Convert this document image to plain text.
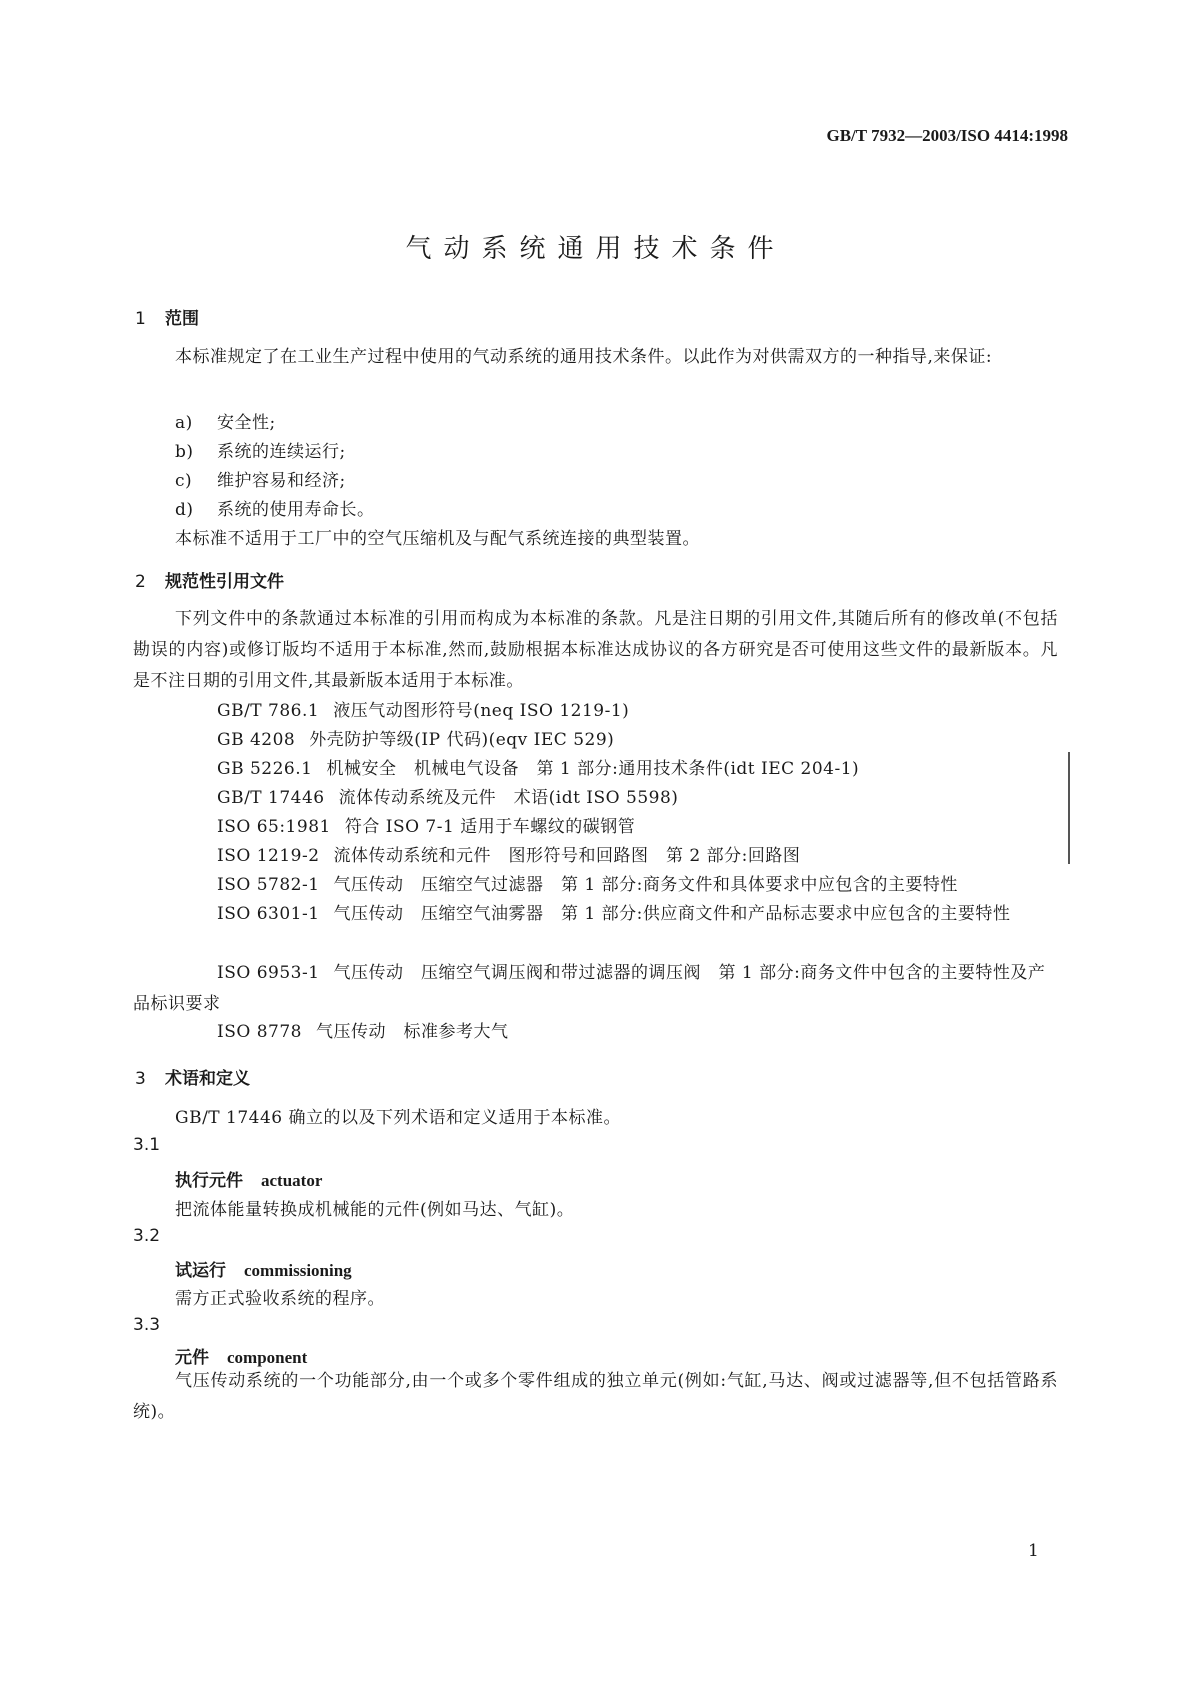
GB/T 7932—2003/ISO 4414:1998
气动系统通用技术条件
1 范围
本标准规定了在工业生产过程中使用的气动系统的通用技术条件。以此作为对供需双方的一种指导,来保证:
a) 安全性;
b) 系统的连续运行;
c) 维护容易和经济;
d) 系统的使用寿命长。
本标准不适用于工厂中的空气压缩机及与配气系统连接的典型装置。
2 规范性引用文件
下列文件中的条款通过本标准的引用而构成为本标准的条款。凡是注日期的引用文件,其随后所有的修改单(不包括勘误的内容)或修订版均不适用于本标准,然而,鼓励根据本标准达成协议的各方研究是否可使用这些文件的最新版本。凡是不注日期的引用文件,其最新版本适用于本标准。
GB/T 786.1 液压气动图形符号(neq ISO 1219-1)
GB 4208 外壳防护等级(IP 代码)(eqv IEC 529)
GB 5226.1 机械安全　机械电气设备　第 1 部分:通用技术条件(idt IEC 204-1)
GB/T 17446 流体传动系统及元件　术语(idt ISO 5598)
ISO 65:1981 符合 ISO 7-1 适用于车螺纹的碳钢管
ISO 1219-2 流体传动系统和元件　图形符号和回路图　第 2 部分:回路图
ISO 5782-1 气压传动　压缩空气过滤器　第 1 部分:商务文件和具体要求中应包含的主要特性
ISO 6301-1 气压传动　压缩空气油雾器　第 1 部分:供应商文件和产品标志要求中应包含的主要特性
ISO 6953-1 气压传动　压缩空气调压阀和带过滤器的调压阀　第 1 部分:商务文件中包含的主要特性及产品标识要求
ISO 8778 气压传动　标准参考大气
3 术语和定义
GB/T 17446 确立的以及下列术语和定义适用于本标准。
3.1
执行元件 actuator
把流体能量转换成机械能的元件(例如马达、气缸)。
3.2
试运行 commissioning
需方正式验收系统的程序。
3.3
元件 component
气压传动系统的一个功能部分,由一个或多个零件组成的独立单元(例如:气缸,马达、阀或过滤器等,但不包括管路系统)。
1
